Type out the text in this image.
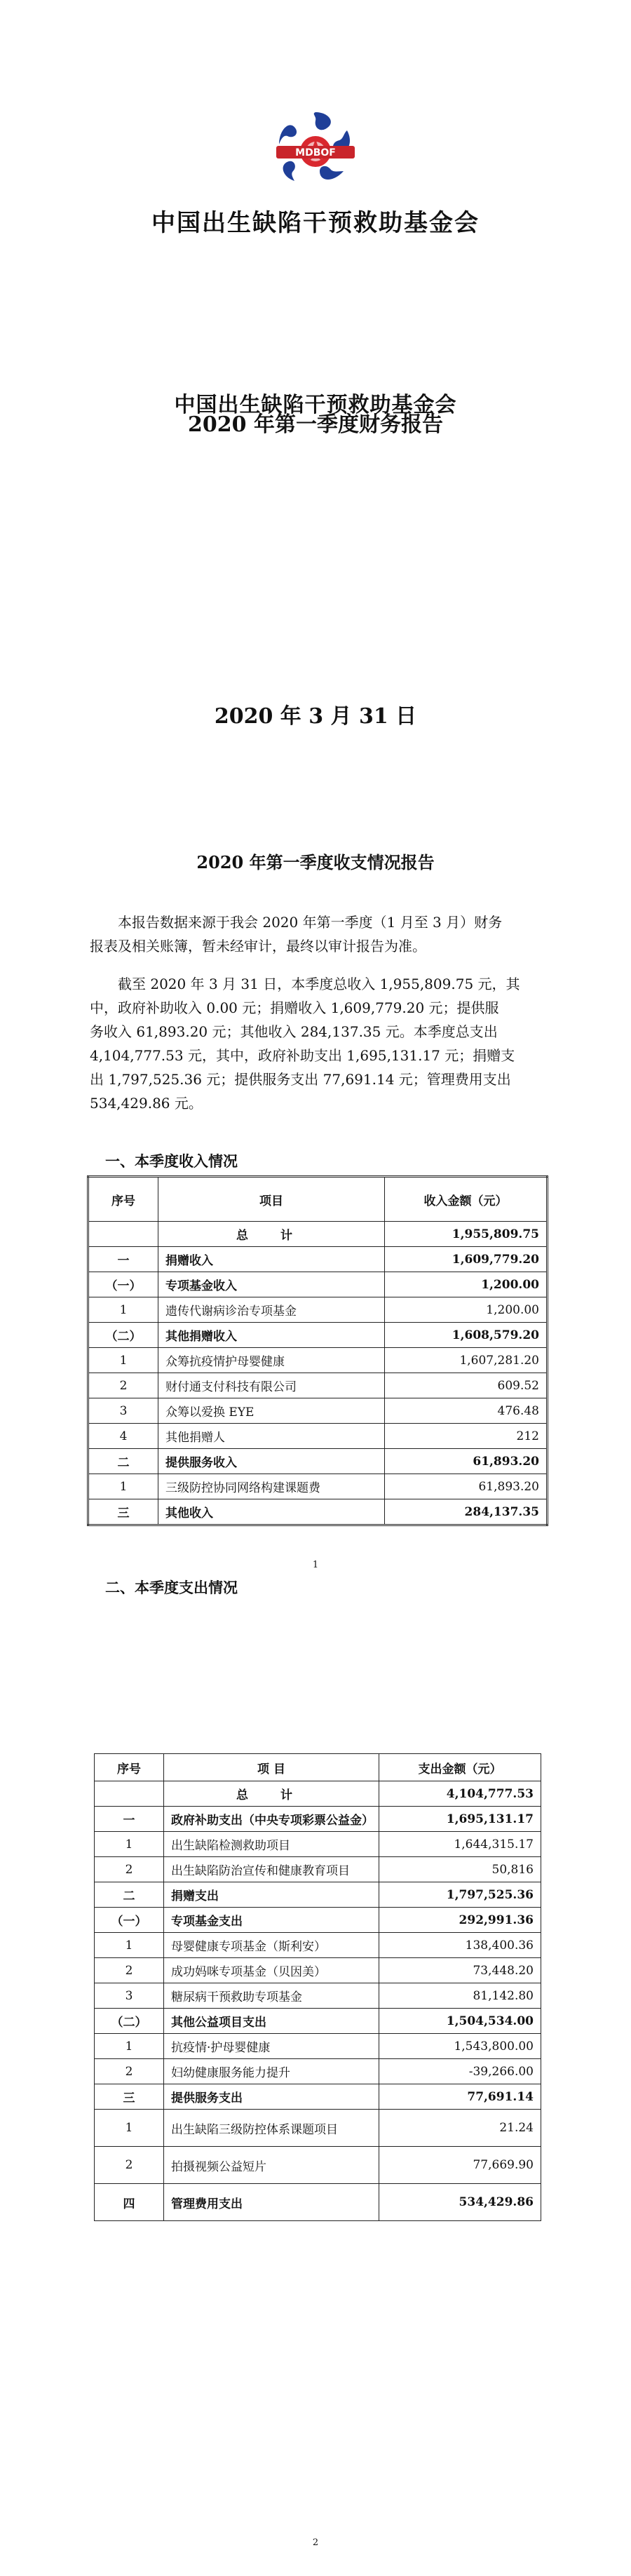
MDBOF
中国出生缺陷干预救助基金会
中国出生缺陷干预救助基金会
2020 年第一季度财务报告
2020 年 3 月 31 日
2020 年第一季度收支情况报告
本报告数据来源于我会 2020 年第一季度（1 月至 3 月）财务
报表及相关账簿，暂未经审计，最终以审计报告为准。
截至 2020 年 3 月 31 日，本季度总收入 1,955,809.75 元，其
中，政府补助收入 0.00 元；捐赠收入 1,609,779.20 元；提供服
务收入 61,893.20 元；其他收入 284,137.35 元。本季度总支出
4,104,777.53 元，其中，政府补助支出 1,695,131.17 元；捐赠支
出 1,797,525.36 元；提供服务支出 77,691.14 元；管理费用支出
534,429.86 元。
一、本季度收入情况
序号	项目	收入金额（元）
	总 计	1,955,809.75
一	捐赠收入	1,609,779.20
（一）	专项基金收入	1,200.00
1	遗传代谢病诊治专项基金	1,200.00
（二）	其他捐赠收入	1,608,579.20
1	众筹抗疫情护母婴健康	1,607,281.20
2	财付通支付科技有限公司	609.52
3	众筹以爱换 EYE	476.48
4	其他捐赠人	212
二	提供服务收入	61,893.20
1	三级防控协同网络构建课题费	61,893.20
三	其他收入	284,137.35
二、本季度支出情况
1
序号	项 目	支出金额（元）
	总 计	4,104,777.53
一	政府补助支出（中央专项彩票公益金）	1,695,131.17
1	出生缺陷检测救助项目	1,644,315.17
2	出生缺陷防治宣传和健康教育项目	50,816
二	捐赠支出	1,797,525.36
（一）	专项基金支出	292,991.36
1	母婴健康专项基金（斯利安）	138,400.36
2	成功妈咪专项基金（贝因美）	73,448.20
3	糖尿病干预救助专项基金	81,142.80
（二）	其他公益项目支出	1,504,534.00
1	抗疫情·护母婴健康	1,543,800.00
2	妇幼健康服务能力提升	-39,266.00
三	提供服务支出	77,691.14
1	出生缺陷三级防控体系课题项目	21.24
2	拍摄视频公益短片	77,669.90
四	管理费用支出	534,429.86
2
